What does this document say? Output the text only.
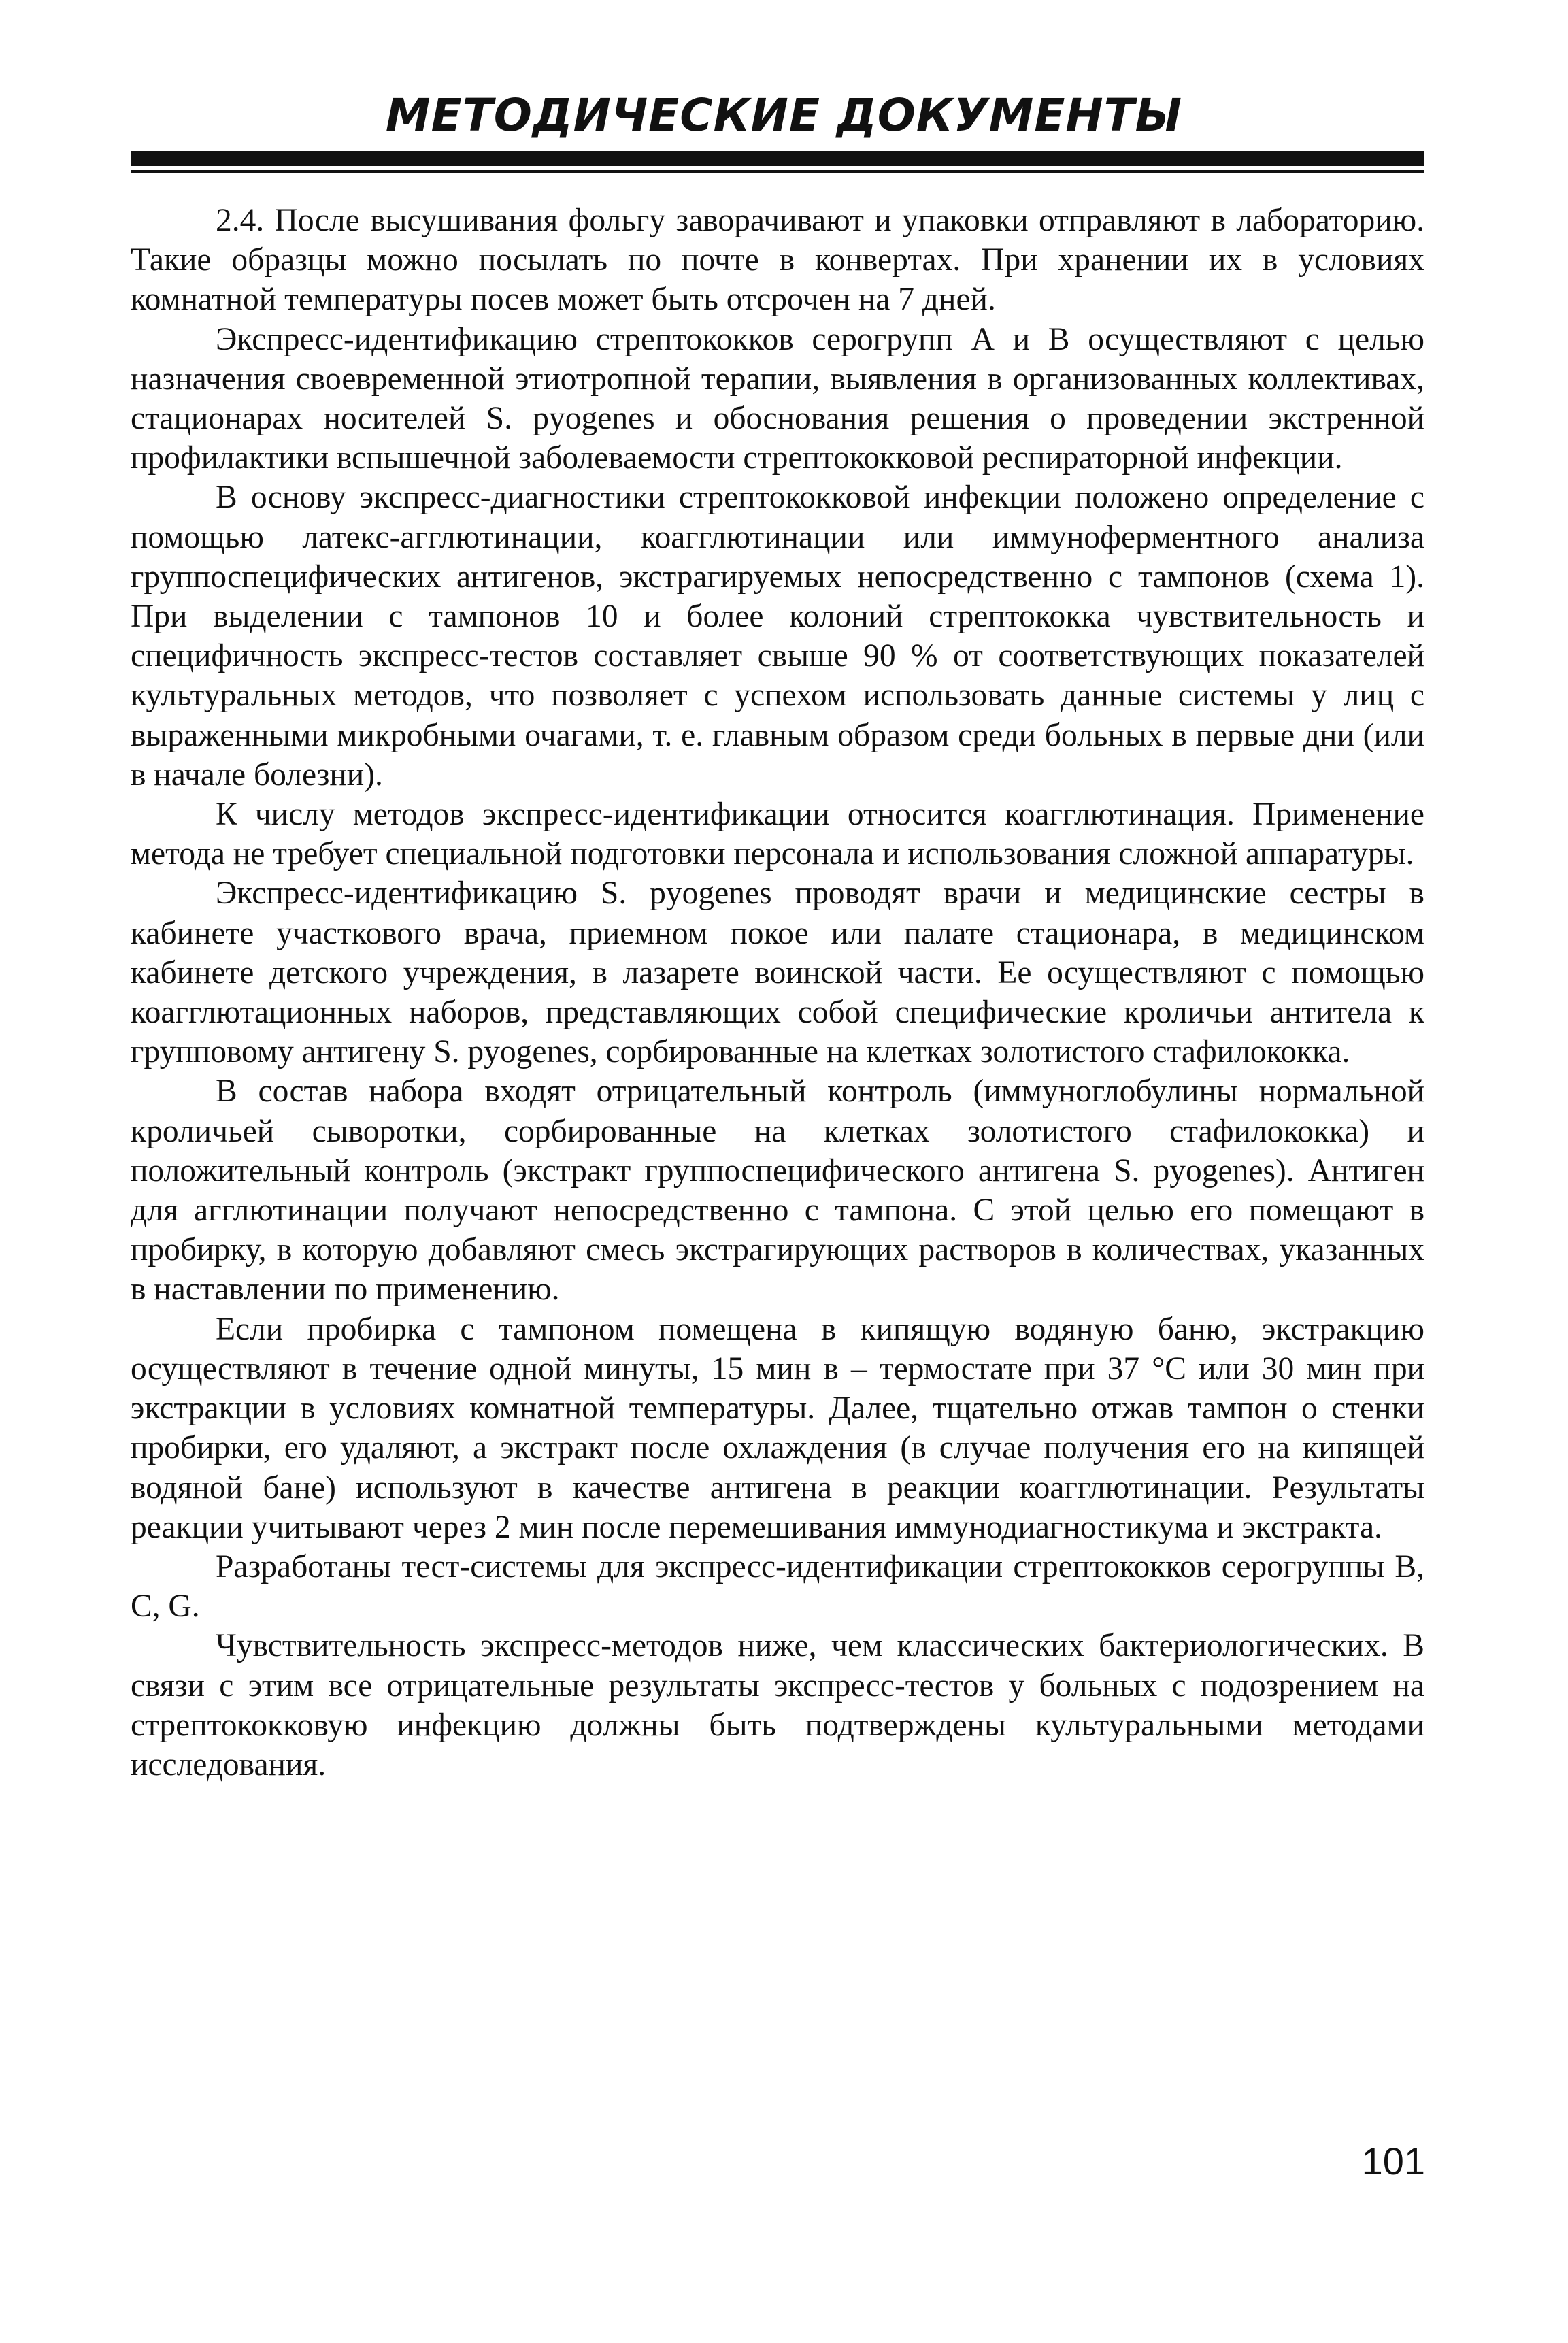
МЕТОДИЧЕСКИЕ ДОКУМЕНТЫ

2.4. После высушивания фольгу заворачивают и упаковки отправляют в лабораторию. Такие образцы можно посылать по почте в конвертах. При хранении их в условиях комнатной температуры посев может быть отсрочен на 7 дней.

Экспресс-идентификацию стрептококков серогрупп А и В осуществляют с целью назначения своевременной этиотропной терапии, выявления в организованных коллективах, стационарах носителей S. pyogenes и обоснования решения о проведении экстренной профилактики вспышечной заболеваемости стрептококковой респираторной инфекции.

В основу экспресс-диагностики стрептококковой инфекции положено определение с помощью латекс-агглютинации, коагглютинации или иммуноферментного анализа группоспецифических антигенов, экстрагируемых непосредственно с тампонов (схема 1). При выделении с тампонов 10 и более колоний стрептококка чувствительность и специфичность экспресс-тестов составляет свыше 90 % от соответствующих показателей культуральных методов, что позволяет с успехом использовать данные системы у лиц с выраженными микробными очагами, т. е. главным образом среди больных в первые дни (или в начале болезни).

К числу методов экспресс-идентификации относится коагглютинация. Применение метода не требует специальной подготовки персонала и использования сложной аппаратуры.

Экспресс-идентификацию S. pyogenes проводят врачи и медицинские сестры в кабинете участкового врача, приемном покое или палате стационара, в медицинском кабинете детского учреждения, в лазарете воинской части. Ее осуществляют с помощью коагглютационных наборов, представляющих собой специфические кроличьи антитела к групповому антигену S. pyogenes, сорбированные на клетках золотистого стафилококка.

В состав набора входят отрицательный контроль (иммуноглобулины нормальной кроличьей сыворотки, сорбированные на клетках золотистого стафилококка) и положительный контроль (экстракт группоспецифического антигена S. pyogenes). Антиген для агглютинации получают непосредственно с тампона. С этой целью его помещают в пробирку, в которую добавляют смесь экстрагирующих растворов в количествах, указанных в наставлении по применению.

Если пробирка с тампоном помещена в кипящую водяную баню, экстракцию осуществляют в течение одной минуты, 15 мин в – термостате при 37 °С или 30 мин при экстракции в условиях комнатной температуры. Далее, тщательно отжав тампон о стенки пробирки, его удаляют, а экстракт после охлаждения (в случае получения его на кипящей водяной бане) используют в качестве антигена в реакции коагглютинации. Результаты реакции учитывают через 2 мин после перемешивания иммунодиагностикума и экстракта.

Разработаны тест-системы для экспресс-идентификации стрептококков серогруппы В, С, G.

Чувствительность экспресс-методов ниже, чем классических бактериологических. В связи с этим все отрицательные результаты экспресс-тестов у больных с подозрением на стрептококковую инфекцию должны быть подтверждены культуральными методами исследования.

101
